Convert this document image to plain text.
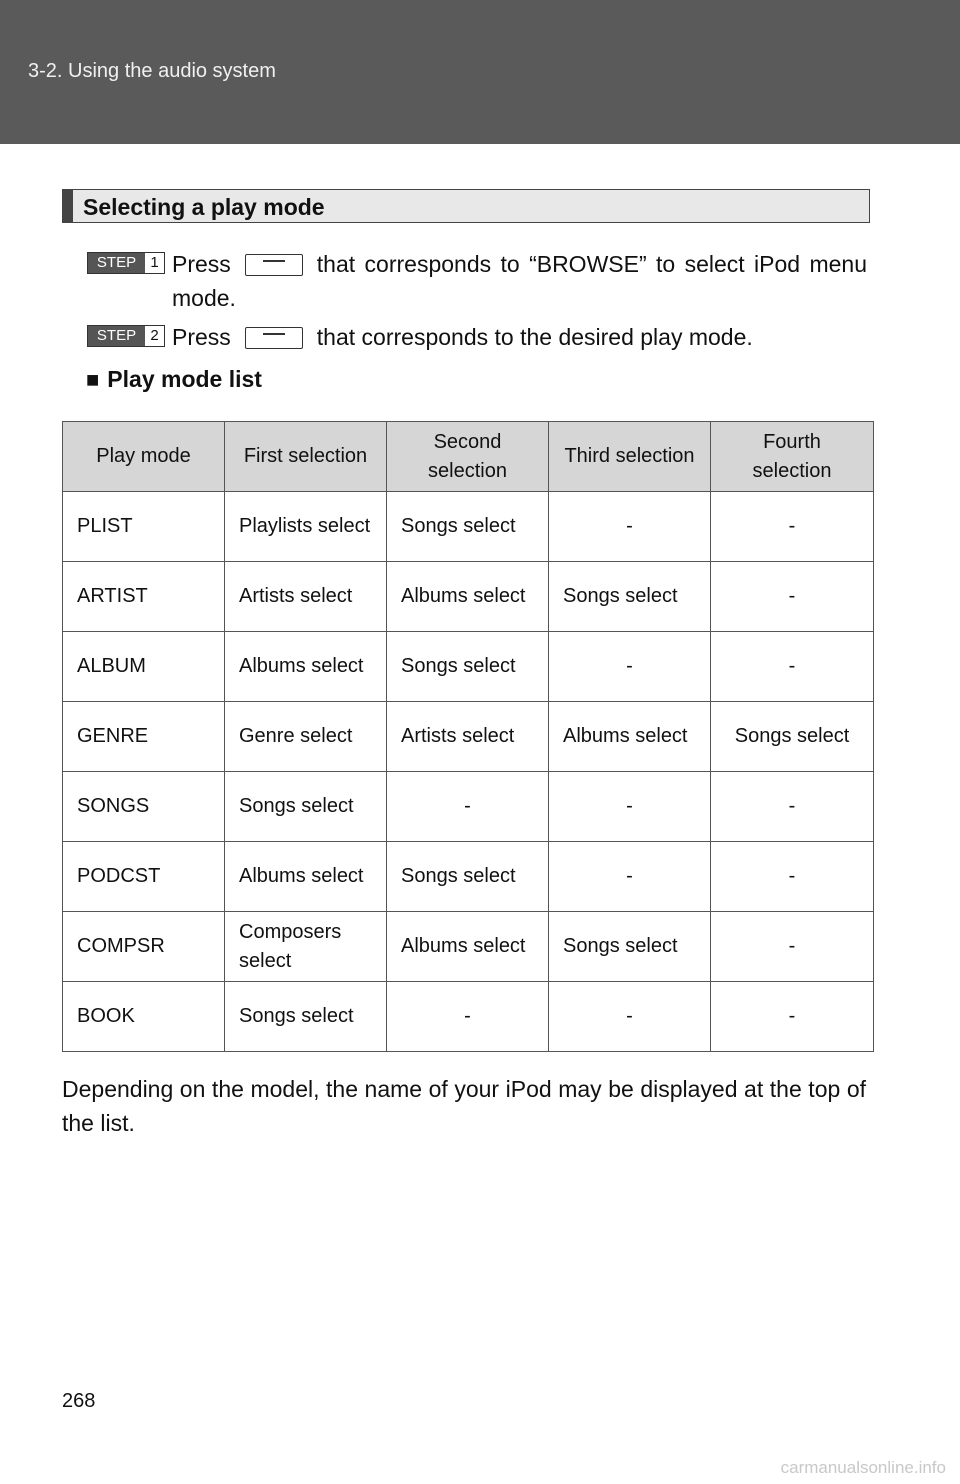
3-2. Using the audio system
Selecting a play mode
STEP 1 Press	that corresponds to “BROWSE” to select iPod menu mode.
STEP 2 Press	that corresponds to the desired play mode.
■ Play mode list
Play mode	First selection	Second selection	Third selection	Fourth selection
PLIST	Playlists select	Songs select	-	-
ARTIST	Artists select	Albums select	Songs select	-
ALBUM	Albums select	Songs select	-	-
GENRE	Genre select	Artists select	Albums select	Songs select
SONGS	Songs select	-	-	-
PODCST	Albums select	Songs select	-	-
COMPSR	Composers select	Albums select	Songs select	-
BOOK	Songs select	-	-	-
Depending on the model, the name of your iPod may be displayed at the top of the list.
268
carmanualsonline.info
